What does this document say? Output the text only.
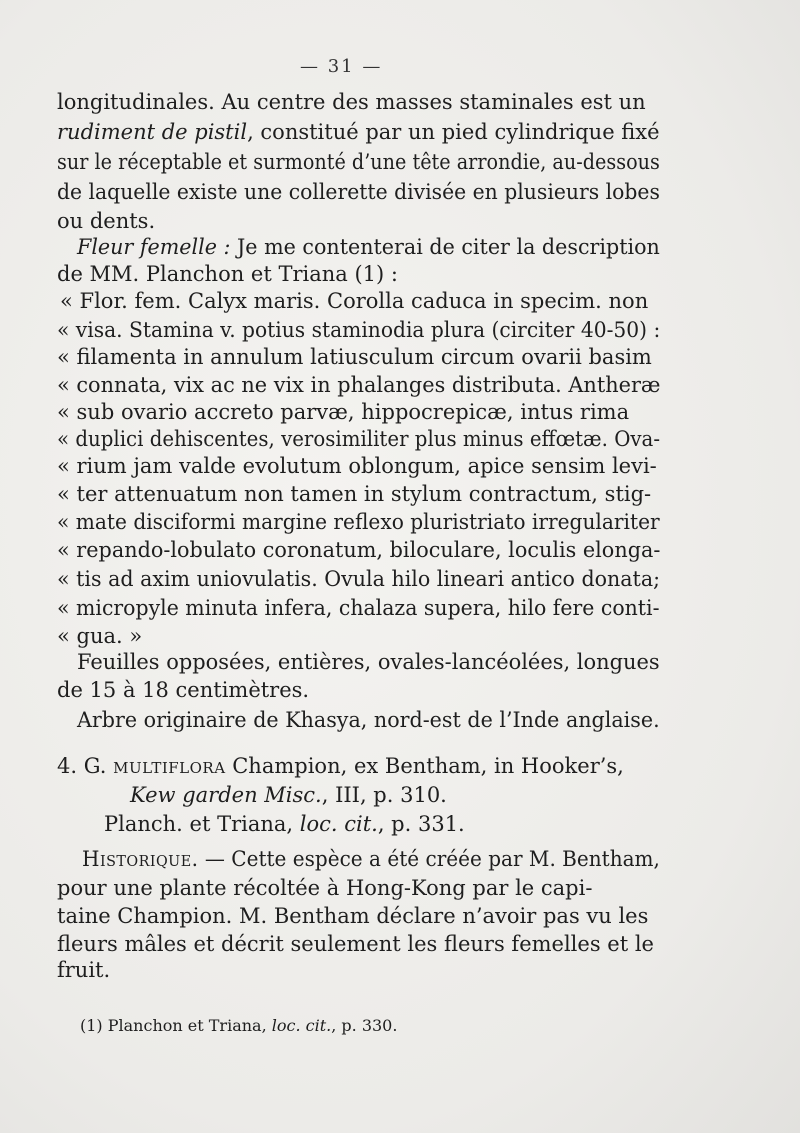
— 31 —
longitudinales. Au centre des masses staminales est un
rudiment de pistil, constitué par un pied cylindrique fixé
sur le réceptable et surmonté d’une tête arrondie, au-dessous
de laquelle existe une collerette divisée en plusieurs lobes
ou dents.
Fleur femelle : Je me contenterai de citer la description
de MM. Planchon et Triana (1) :
« Flor. fem. Calyx maris. Corolla caduca in specim. non
« visa. Stamina v. potius staminodia plura (circiter 40-50) :
« filamenta in annulum latiusculum circum ovarii basim
« connata, vix ac ne vix in phalanges distributa. Antheræ
« sub ovario accreto parvæ, hippocrepicæ, intus rima
« duplici dehiscentes, verosimiliter plus minus effœtæ. Ova-
« rium jam valde evolutum oblongum, apice sensim levi-
« ter attenuatum non tamen in stylum contractum, stig-
« mate disciformi margine reflexo pluristriato irregulariter
« repando-lobulato coronatum, biloculare, loculis elonga-
« tis ad axim uniovulatis. Ovula hilo lineari antico donata;
« micropyle minuta infera, chalaza supera, hilo fere conti-
« gua. »
Feuilles opposées, entières, ovales-lancéolées, longues
de 15 à 18 centimètres.
Arbre originaire de Khasya, nord-est de l’Inde anglaise.
4. G. multiflora Champion, ex Bentham, in Hooker’s,
Kew garden Misc., III, p. 310.
Planch. et Triana, loc. cit., p. 331.
Historique. — Cette espèce a été créée par M. Bentham,
pour une plante récoltée à Hong-Kong par le capi-
taine Champion. M. Bentham déclare n’avoir pas vu les
fleurs mâles et décrit seulement les fleurs femelles et le
fruit.
(1) Planchon et Triana, loc. cit., p. 330.
